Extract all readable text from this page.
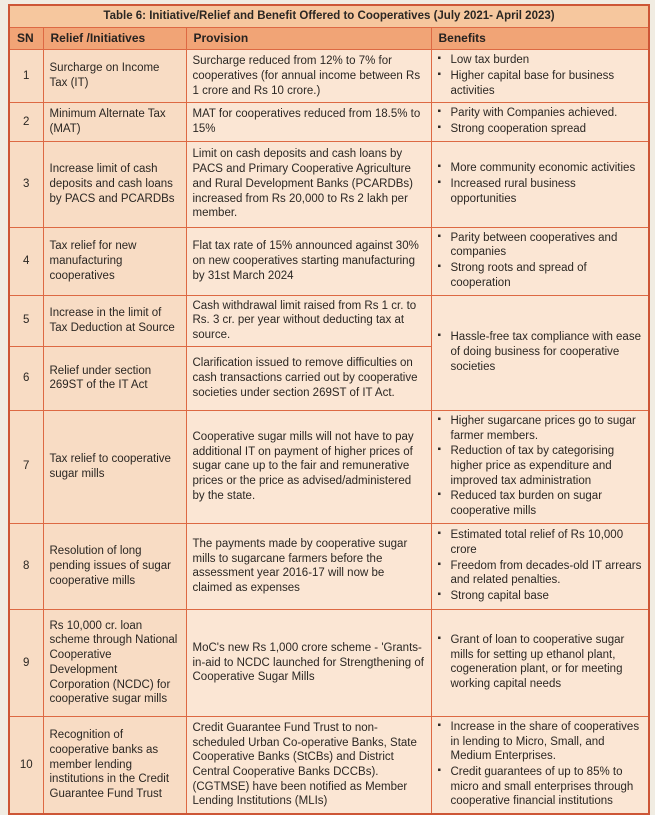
Table 6: Initiative/Relief and Benefit Offered to Cooperatives (July 2021- April 2023)			
SN	Relief /Initiatives	Provision	Benefits
1	Surcharge on Income Tax (IT)	Surcharge reduced from 12% to 7% for cooperatives (for annual income between Rs 1 crore and Rs 10 crore.)	
▪ Low tax burden
▪ Higher capital base for business activities

2	Minimum Alternate Tax (MAT)	MAT for cooperatives reduced from 18.5% to 15%	
▪ Parity with Companies achieved.
▪ Strong cooperation spread

3	Increase limit of cash deposits and cash loans by PACS and PCARDBs	Limit on cash deposits and cash loans by PACS and Primary Cooperative Agriculture and Rural Development Banks (PCARDBs) increased from Rs 20,000 to Rs 2 lakh per member.	
▪ More community economic activities
▪ Increased rural business opportunities

4	Tax relief for new manufacturing cooperatives	Flat tax rate of 15% announced against 30% on new cooperatives starting manufacturing by 31st March 2024	
▪ Parity between cooperatives and companies
▪ Strong roots and spread of cooperation

5	Increase in the limit of Tax Deduction at Source	Cash withdrawal limit raised from Rs 1 cr. to Rs. 3 cr. per year without deducting tax at source.	
▪Hassle-free tax compliance with ease of doing business for cooperative societies

6	Relief under section 269ST of the IT Act	Clarification issued to remove difficulties on cash transactions carried out by cooperative societies under section 269ST of IT Act.	
7	Tax relief to cooperative sugar mills	Cooperative sugar mills will not have to pay additional IT on payment of higher prices of sugar cane up to the fair and remunerative prices or the price as advised/administered by the state.	
▪ Higher sugarcane prices go to sugar farmer members.
▪ Reduction of tax by categorising higher price as expenditure and improved tax administration
▪ Reduced tax burden on sugar cooperative mills

8	Resolution of long pending issues of sugar cooperative mills	The payments made by cooperative sugar mills to sugarcane farmers before the assessment year 2016-17 will now be claimed as expenses	
▪ Estimated total relief of Rs 10,000 crore
▪ Freedom from decades-old IT arrears and related penalties.
▪ Strong capital base

9	Rs 10,000 cr. loan scheme through National Cooperative Development Corporation (NCDC) for cooperative sugar mills	MoC's new Rs 1,000 crore scheme - 'Grants-in-aid to NCDC launched for Strengthening of Cooperative Sugar Mills	
▪ Grant of loan to cooperative sugar mills for setting up ethanol plant, cogeneration plant, or for meeting working capital needs

10	Recognition of cooperative banks as member lending institutions in the Credit Guarantee Fund Trust	Credit Guarantee Fund Trust to non-scheduled Urban Co-operative Banks, State Cooperative Banks (StCBs) and District Central Cooperative Banks DCCBs). (CGTMSE) have been notified as Member Lending Institutions (MLIs)	
▪ Increase in the share of cooperatives in lending to Micro, Small, and Medium Enterprises.
▪ Credit guarantees of up to 85% to micro and small enterprises through cooperative financial institutions
